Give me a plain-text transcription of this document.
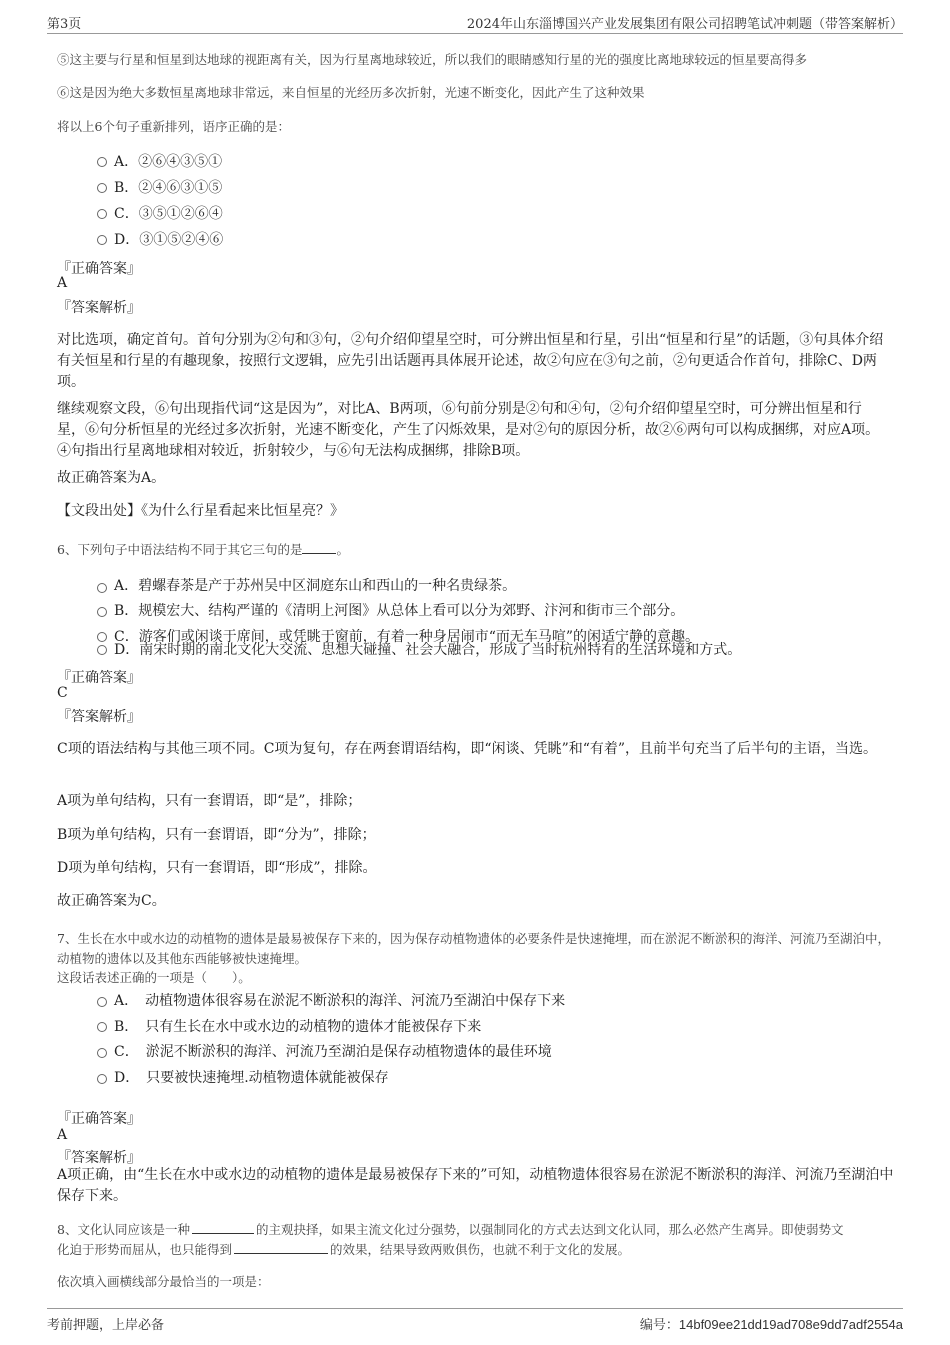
第3页	2024年山东淄博国兴产业发展集团有限公司招聘笔试冲刺题（带答案解析）
⑤这主要与行星和恒星到达地球的视距离有关，因为行星离地球较近，所以我们的眼睛感知行星的光的强度比离地球较远的恒星要高得多
⑥这是因为绝大多数恒星离地球非常远，来自恒星的光经历多次折射，光速不断变化，因此产生了这种效果
将以上6个句子重新排列，语序正确的是：
A．②⑥④③⑤①
B．②④⑥③①⑤
C．③⑤①②⑥④
D．③①⑤②④⑥
『正确答案』
A
『答案解析』
对比选项，确定首句。首句分别为②句和③句，②句介绍仰望星空时，可分辨出恒星和行星，引出“恒星和行星”的话题，③句具体介绍有关恒星和行星的有趣现象，按照行文逻辑，应先引出话题再具体展开论述，故②句应在③句之前，②句更适合作首句，排除C、D两项。
继续观察文段，⑥句出现指代词“这是因为”，对比A、B两项，⑥句前分别是②句和④句，②句介绍仰望星空时，可分辨出恒星和行星，⑥句分析恒星的光经过多次折射，光速不断变化，产生了闪烁效果，是对②句的原因分析，故②⑥两句可以构成捆绑，对应A项。④句指出行星离地球相对较近，折射较少，与⑥句无法构成捆绑，排除B项。
故正确答案为A。
【文段出处】《为什么行星看起来比恒星亮？》
6、下列句子中语法结构不同于其它三句的是	。
A．碧螺春茶是产于苏州吴中区洞庭东山和西山的一种名贵绿茶。
B．规模宏大、结构严谨的《清明上河图》从总体上看可以分为郊野、汴河和街市三个部分。
C．游客们或闲谈于席间，或凭眺于窗前，有着一种身居闹市“而无车马喧”的闲适宁静的意趣。
D．南宋时期的南北文化大交流、思想大碰撞、社会大融合，形成了当时杭州特有的生活环境和方式。
『正确答案』
C
『答案解析』
C项的语法结构与其他三项不同。C项为复句，存在两套谓语结构，即“闲谈、凭眺”和“有着”，且前半句充当了后半句的主语，当选。
A项为单句结构，只有一套谓语，即“是”，排除；
B项为单句结构，只有一套谓语，即“分为”，排除；
D项为单句结构，只有一套谓语，即“形成”，排除。
故正确答案为C。
7、生长在水中或水边的动植物的遗体是最易被保存下来的，因为保存动植物遗体的必要条件是快速掩埋，而在淤泥不断淤积的海洋、河流乃至湖泊中，动植物的遗体以及其他东西能够被快速掩埋。
这段话表述正确的一项是（　　）。
A．　动植物遗体很容易在淤泥不断淤积的海洋、河流乃至湖泊中保存下来
B．　只有生长在水中或水边的动植物的遗体才能被保存下来
C．　淤泥不断淤积的海洋、河流乃至湖泊是保存动植物遗体的最佳环境
D．　只要被快速掩埋.动植物遗体就能被保存
『正确答案』
A
『答案解析』
A项正确，由“生长在水中或水边的动植物的遗体是最易被保存下来的”可知，动植物遗体很容易在淤泥不断淤积的海洋、河流乃至湖泊中保存下来。
8、文化认同应该是一种	的主观抉择，如果主流文化过分强势，以强制同化的方式去达到文化认同，那么必然产生离异。即使弱势文
化迫于形势而屈从，也只能得到	的效果，结果导致两败俱伤，也就不利于文化的发展。
依次填入画横线部分最恰当的一项是：
考前押题，上岸必备	编号：14bf09ee21dd19ad708e9dd7adf2554a
